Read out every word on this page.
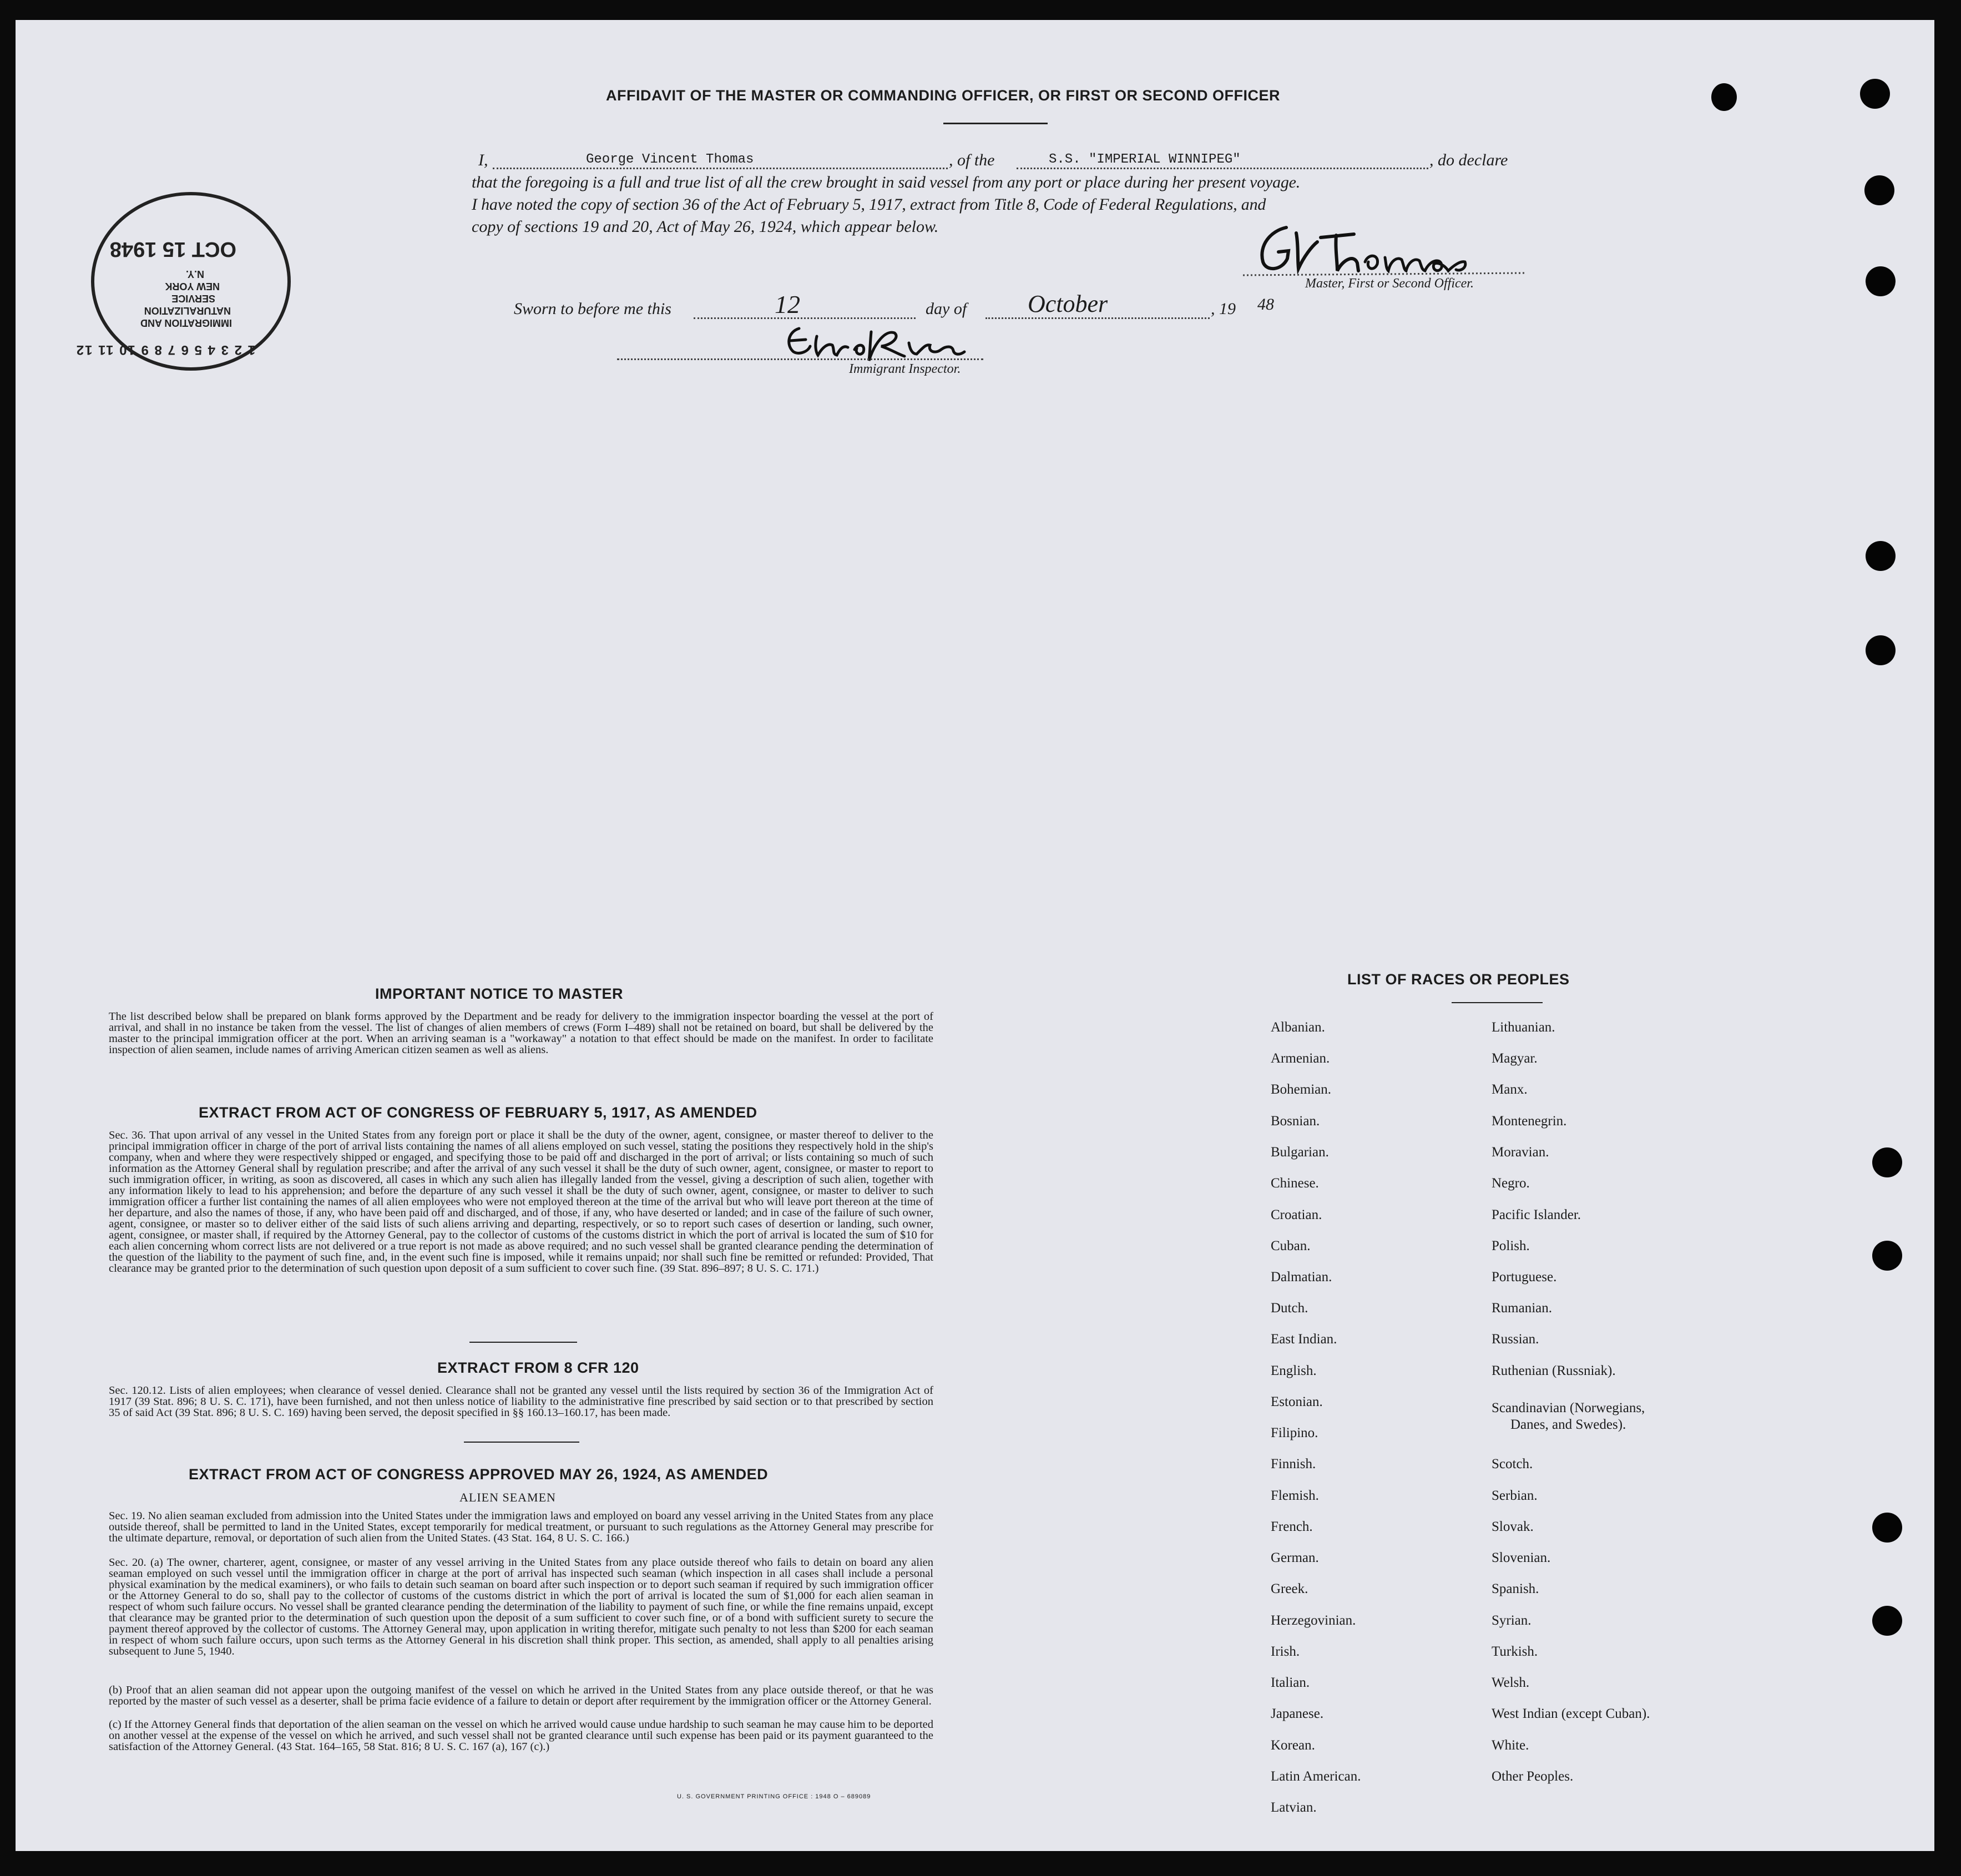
AFFIDAVIT OF THE MASTER OR COMMANDING OFFICER, OR FIRST OR SECOND OFFICER
I,	George Vincent Thomas	, of the	S.S. "IMPERIAL WINNIPEG"	, do declare
that the foregoing is a full and true list of all the crew brought in said vessel from any port or place during her present voyage.
I have noted the copy of section 36 of the Act of February 5, 1917, extract from Title 8, Code of Federal Regulations, and
copy of sections 19 and 20, Act of May 26, 1924, which appear below.
Master, First or Second Officer.
Sworn to before me this	12	day of October	, 19 48
Immigrant Inspector.
1 2 3 4 5 6 7 8 9 10 11 12
IMMIGRATION AND
NATURALIZATION
SERVICE
NEW YORK
N.Y.
OCT 15 1948
IMPORTANT NOTICE TO MASTER
The list described below shall be prepared on blank forms approved by the Department and be ready for delivery to the immigration inspector boarding the vessel at the port of arrival, and shall in no instance be taken from the vessel. The list of changes of alien members of crews (Form I–489) shall not be retained on board, but shall be delivered by the master to the principal immigration officer at the port. When an arriving seaman is a "workaway" a notation to that effect should be made on the manifest. In order to facilitate inspection of alien seamen, include names of arriving American citizen seamen as well as aliens.
EXTRACT FROM ACT OF CONGRESS OF FEBRUARY 5, 1917, AS AMENDED
Sec. 36. That upon arrival of any vessel in the United States from any foreign port or place it shall be the duty of the owner, agent, consignee, or master thereof to deliver to the principal immigration officer in charge of the port of arrival lists containing the names of all aliens employed on such vessel, stating the positions they respectively hold in the ship's company, when and where they were respectively shipped or engaged, and specifying those to be paid off and discharged in the port of arrival; or lists containing so much of such information as the Attorney General shall by regulation prescribe; and after the arrival of any such vessel it shall be the duty of such owner, agent, consignee, or master to report to such immigration officer, in writing, as soon as discovered, all cases in which any such alien has illegally landed from the vessel, giving a description of such alien, together with any information likely to lead to his apprehension; and before the departure of any such vessel it shall be the duty of such owner, agent, consignee, or master to deliver to such immigration officer a further list containing the names of all alien employees who were not employed thereon at the time of the arrival but who will leave port thereon at the time of her departure, and also the names of those, if any, who have been paid off and discharged, and of those, if any, who have deserted or landed; and in case of the failure of such owner, agent, consignee, or master so to deliver either of the said lists of such aliens arriving and departing, respectively, or so to report such cases of desertion or landing, such owner, agent, consignee, or master shall, if required by the Attorney General, pay to the collector of customs of the customs district in which the port of arrival is located the sum of $10 for each alien concerning whom correct lists are not delivered or a true report is not made as above required; and no such vessel shall be granted clearance pending the determination of the question of the liability to the payment of such fine, and, in the event such fine is imposed, while it remains unpaid; nor shall such fine be remitted or refunded: Provided, That clearance may be granted prior to the determination of such question upon deposit of a sum sufficient to cover such fine. (39 Stat. 896–897; 8 U. S. C. 171.)
EXTRACT FROM 8 CFR 120
Sec. 120.12. Lists of alien employees; when clearance of vessel denied. Clearance shall not be granted any vessel until the lists required by section 36 of the Immigration Act of 1917 (39 Stat. 896; 8 U. S. C. 171), have been furnished, and not then unless notice of liability to the administrative fine prescribed by said section or to that prescribed by section 35 of said Act (39 Stat. 896; 8 U. S. C. 169) having been served, the deposit specified in §§ 160.13–160.17, has been made.
EXTRACT FROM ACT OF CONGRESS APPROVED MAY 26, 1924, AS AMENDED
ALIEN SEAMEN
Sec. 19. No alien seaman excluded from admission into the United States under the immigration laws and employed on board any vessel arriving in the United States from any place outside thereof, shall be permitted to land in the United States, except temporarily for medical treatment, or pursuant to such regulations as the Attorney General may prescribe for the ultimate departure, removal, or deportation of such alien from the United States. (43 Stat. 164, 8 U. S. C. 166.)
Sec. 20. (a) The owner, charterer, agent, consignee, or master of any vessel arriving in the United States from any place outside thereof who fails to detain on board any alien seaman employed on such vessel until the immigration officer in charge at the port of arrival has inspected such seaman (which inspection in all cases shall include a personal physical examination by the medical examiners), or who fails to detain such seaman on board after such inspection or to deport such seaman if required by such immigration officer or the Attorney General to do so, shall pay to the collector of customs of the customs district in which the port of arrival is located the sum of $1,000 for each alien seaman in respect of whom such failure occurs. No vessel shall be granted clearance pending the determination of the liability to payment of such fine, or while the fine remains unpaid, except that clearance may be granted prior to the determination of such question upon the deposit of a sum sufficient to cover such fine, or of a bond with sufficient surety to secure the payment thereof approved by the collector of customs. The Attorney General may, upon application in writing therefor, mitigate such penalty to not less than $200 for each seaman in respect of whom such failure occurs, upon such terms as the Attorney General in his discretion shall think proper. This section, as amended, shall apply to all penalties arising subsequent to June 5, 1940.
(b) Proof that an alien seaman did not appear upon the outgoing manifest of the vessel on which he arrived in the United States from any place outside thereof, or that he was reported by the master of such vessel as a deserter, shall be prima facie evidence of a failure to detain or deport after requirement by the immigration officer or the Attorney General.
(c) If the Attorney General finds that deportation of the alien seaman on the vessel on which he arrived would cause undue hardship to such seaman he may cause him to be deported on another vessel at the expense of the vessel on which he arrived, and such vessel shall not be granted clearance until such expense has been paid or its payment guaranteed to the satisfaction of the Attorney General. (43 Stat. 164–165, 58 Stat. 816; 8 U. S. C. 167 (a), 167 (c).)
U. S. GOVERNMENT PRINTING OFFICE : 1948 O – 689089
LIST OF RACES OR PEOPLES
Albanian.
Armenian.
Bohemian.
Bosnian.
Bulgarian.
Chinese.
Croatian.
Cuban.
Dalmatian.
Dutch.
East Indian.
English.
Estonian.
Filipino.
Finnish.
Flemish.
French.
German.
Greek.
Herzegovinian.
Irish.
Italian.
Japanese.
Korean.
Latin American.
Latvian.
Lithuanian.
Magyar.
Manx.
Montenegrin.
Moravian.
Negro.
Pacific Islander.
Polish.
Portuguese.
Rumanian.
Russian.
Ruthenian (Russniak).
Scandinavian (Norwegians,
Danes, and Swedes).
Scotch.
Serbian.
Slovak.
Slovenian.
Spanish.
Syrian.
Turkish.
Welsh.
West Indian (except Cuban).
White.
Other Peoples.
